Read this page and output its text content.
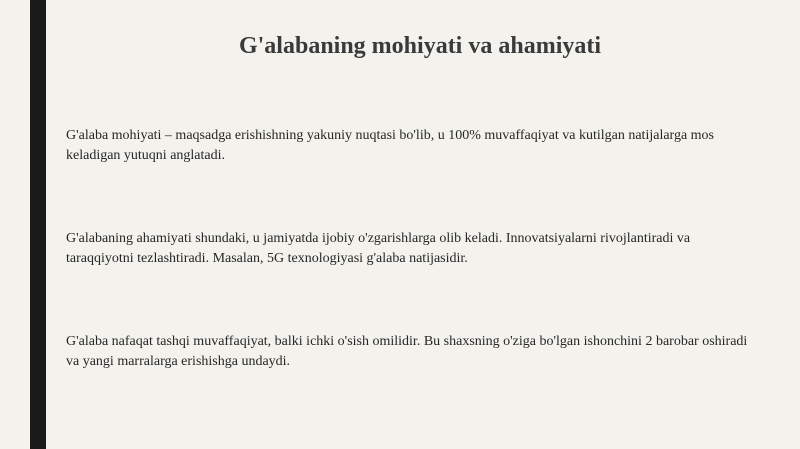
G'alabaning mohiyati va ahamiyati

G'alaba mohiyati – maqsadga erishishning yakuniy nuqtasi bo'lib, u 100% muvaffaqiyat va kutilgan natijalarga mos keladigan yutuqni anglatadi.

G'alabaning ahamiyati shundaki, u jamiyatda ijobiy o'zgarishlarga olib keladi. Innovatsiyalarni rivojlantiradi va taraqqiyotni tezlashtiradi. Masalan, 5G texnologiyasi g'alaba natijasidir.

G'alaba nafaqat tashqi muvaffaqiyat, balki ichki o'sish omilidir. Bu shaxsning o'ziga bo'lgan ishonchini 2 barobar oshiradi va yangi marralarga erishishga undaydi.
